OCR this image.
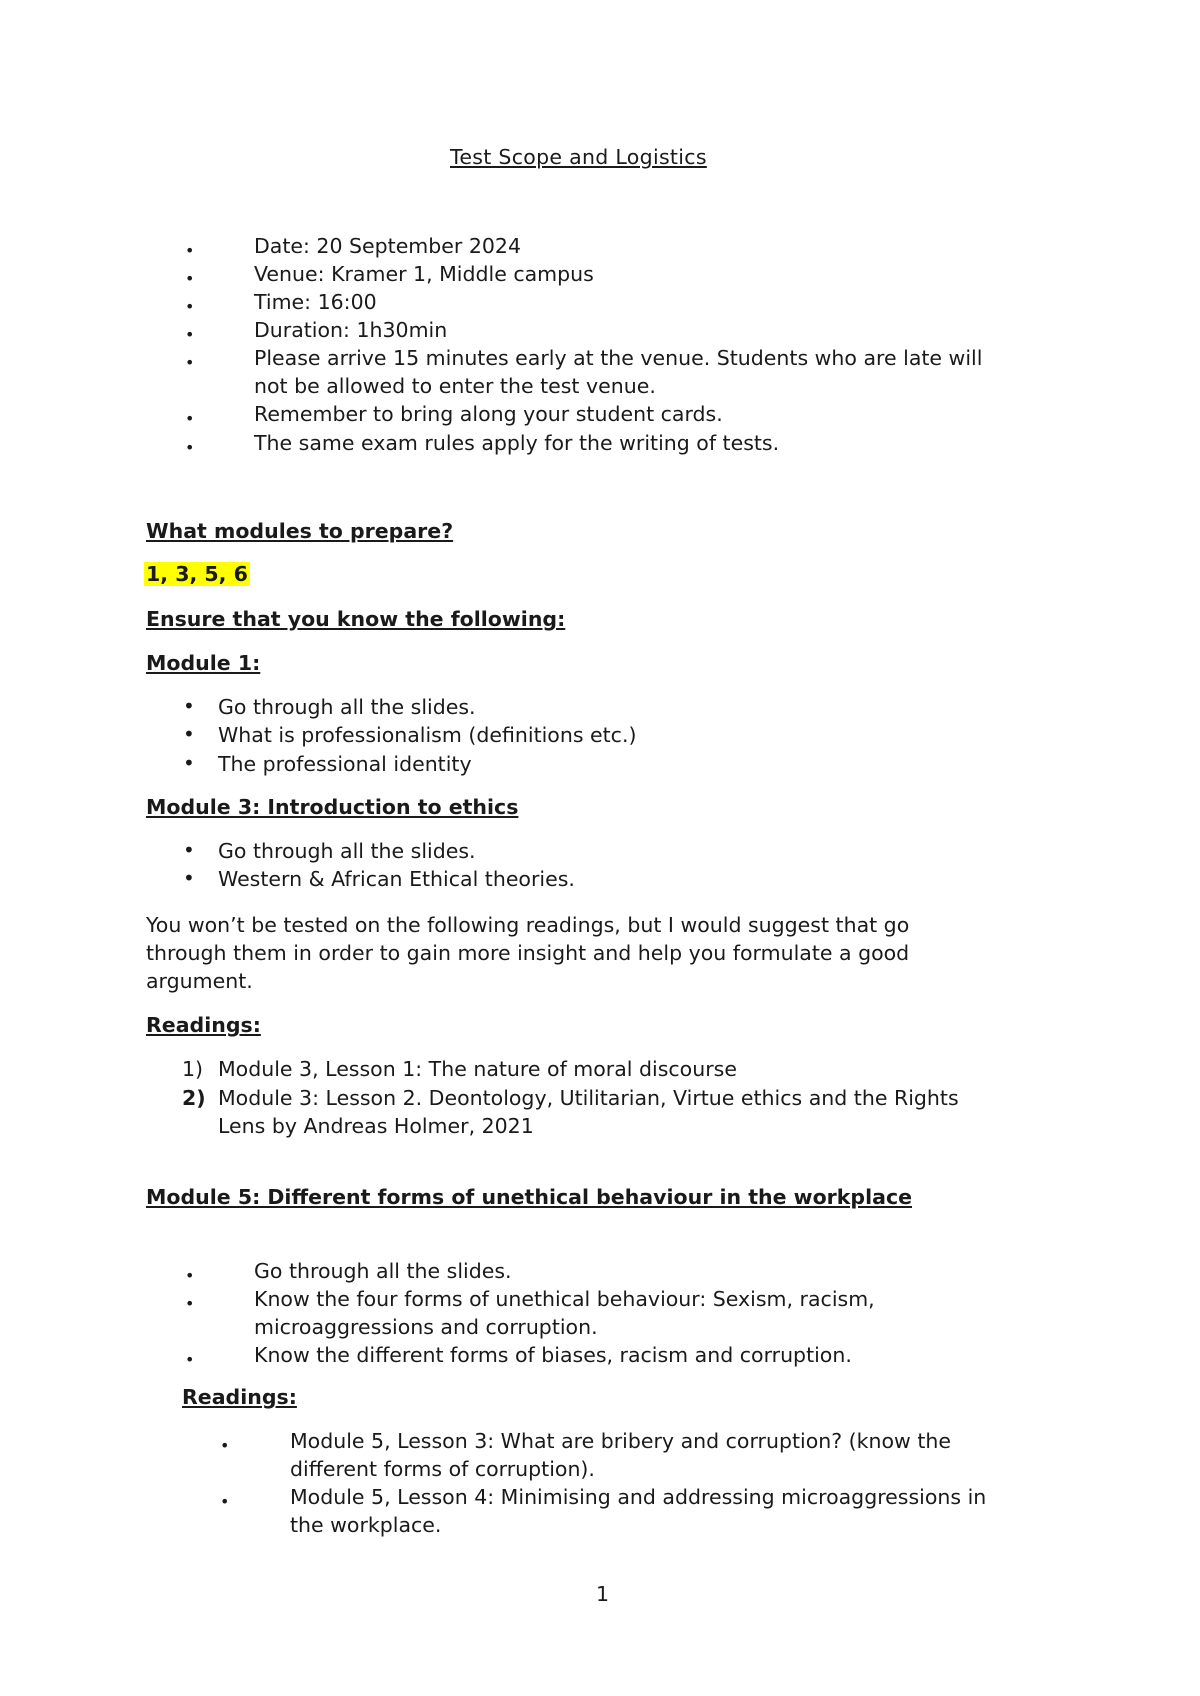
Test Scope and Logistics
•	Date: 20 September 2024
•	Venue: Kramer 1, Middle campus
•	Time: 16:00
•	Duration: 1h30min
•	Please arrive 15 minutes early at the venue. Students who are late will
not be allowed to enter the test venue.
•	Remember to bring along your student cards.
•	The same exam rules apply for the writing of tests.
What modules to prepare?
1, 3, 5, 6
Ensure that you know the following:
Module 1:
• Go through all the slides.
• What is professionalism (definitions etc.)
• The professional identity
Module 3: Introduction to ethics
• Go through all the slides.
• Western & African Ethical theories.
You won’t be tested on the following readings, but I would suggest that go
through them in order to gain more insight and help you formulate a good
argument.
Readings:
1) Module 3, Lesson 1: The nature of moral discourse
2) Module 3: Lesson 2. Deontology, Utilitarian, Virtue ethics and the Rights
Lens by Andreas Holmer, 2021
Module 5: Different forms of unethical behaviour in the workplace
•	Go through all the slides.
•	Know the four forms of unethical behaviour: Sexism, racism,
microaggressions and corruption.
•	Know the different forms of biases, racism and corruption.
Readings:
•	Module 5, Lesson 3: What are bribery and corruption? (know the
different forms of corruption).
•	Module 5, Lesson 4: Minimising and addressing microaggressions in
the workplace.
1
